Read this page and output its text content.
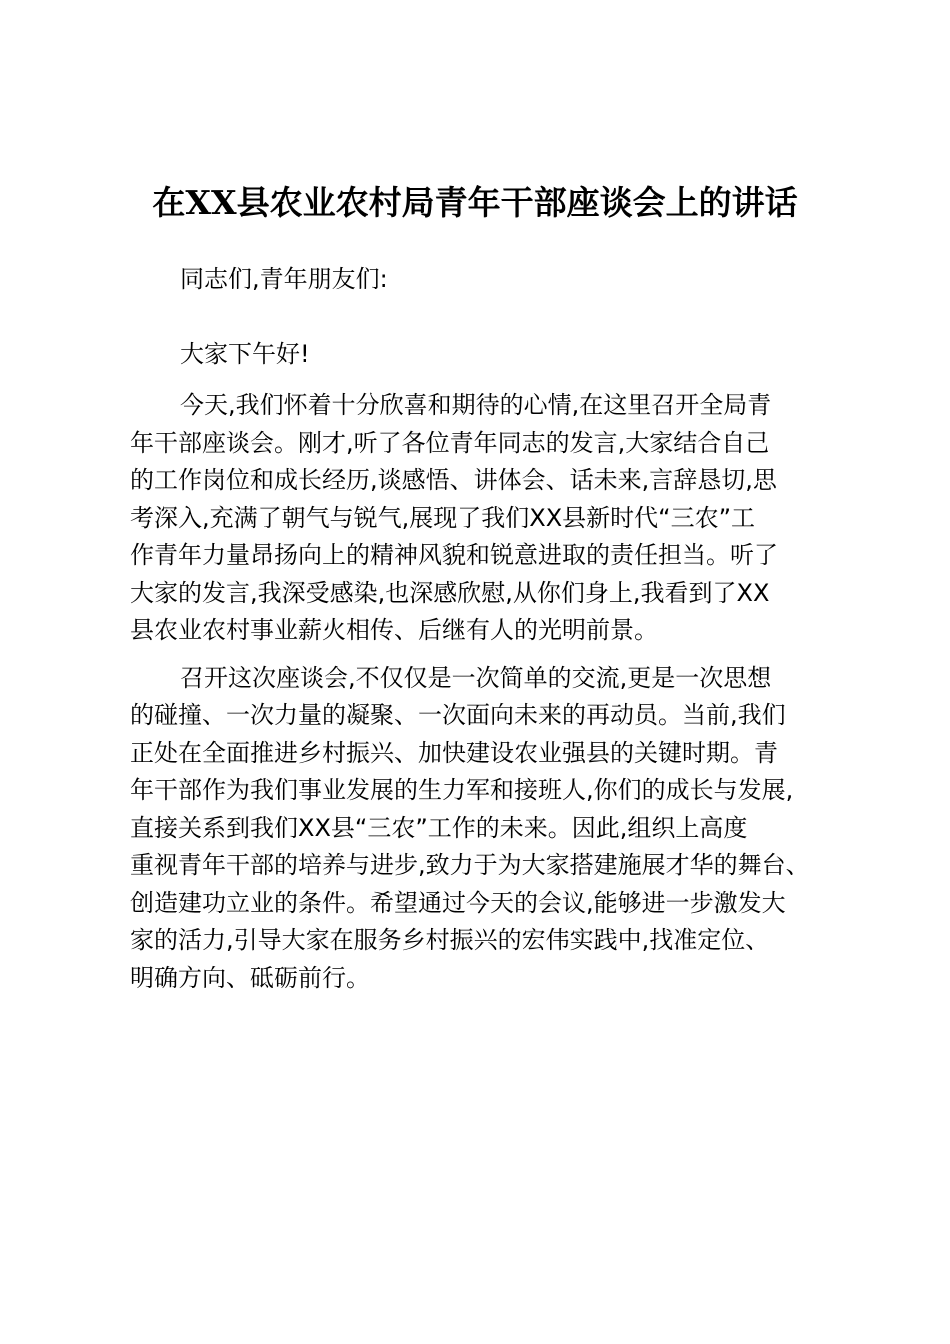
在XX县农业农村局青年干部座谈会上的讲话
同志们,青年朋友们:
大家下午好!
今天,我们怀着十分欣喜和期待的心情,在这里召开全局青
年干部座谈会。刚才,听了各位青年同志的发言,大家结合自己
的工作岗位和成长经历,谈感悟、讲体会、话未来,言辞恳切,思
考深入,充满了朝气与锐气,展现了我们XX县新时代“三农”工
作青年力量昂扬向上的精神风貌和锐意进取的责任担当。听了
大家的发言,我深受感染,也深感欣慰,从你们身上,我看到了XX
县农业农村事业薪火相传、后继有人的光明前景。
召开这次座谈会,不仅仅是一次简单的交流,更是一次思想
的碰撞、一次力量的凝聚、一次面向未来的再动员。当前,我们
正处在全面推进乡村振兴、加快建设农业强县的关键时期。青
年干部作为我们事业发展的生力军和接班人,你们的成长与发展,
直接关系到我们XX县“三农”工作的未来。因此,组织上高度
重视青年干部的培养与进步,致力于为大家搭建施展才华的舞台、
创造建功立业的条件。希望通过今天的会议,能够进一步激发大
家的活力,引导大家在服务乡村振兴的宏伟实践中,找准定位、
明确方向、砥砺前行。
